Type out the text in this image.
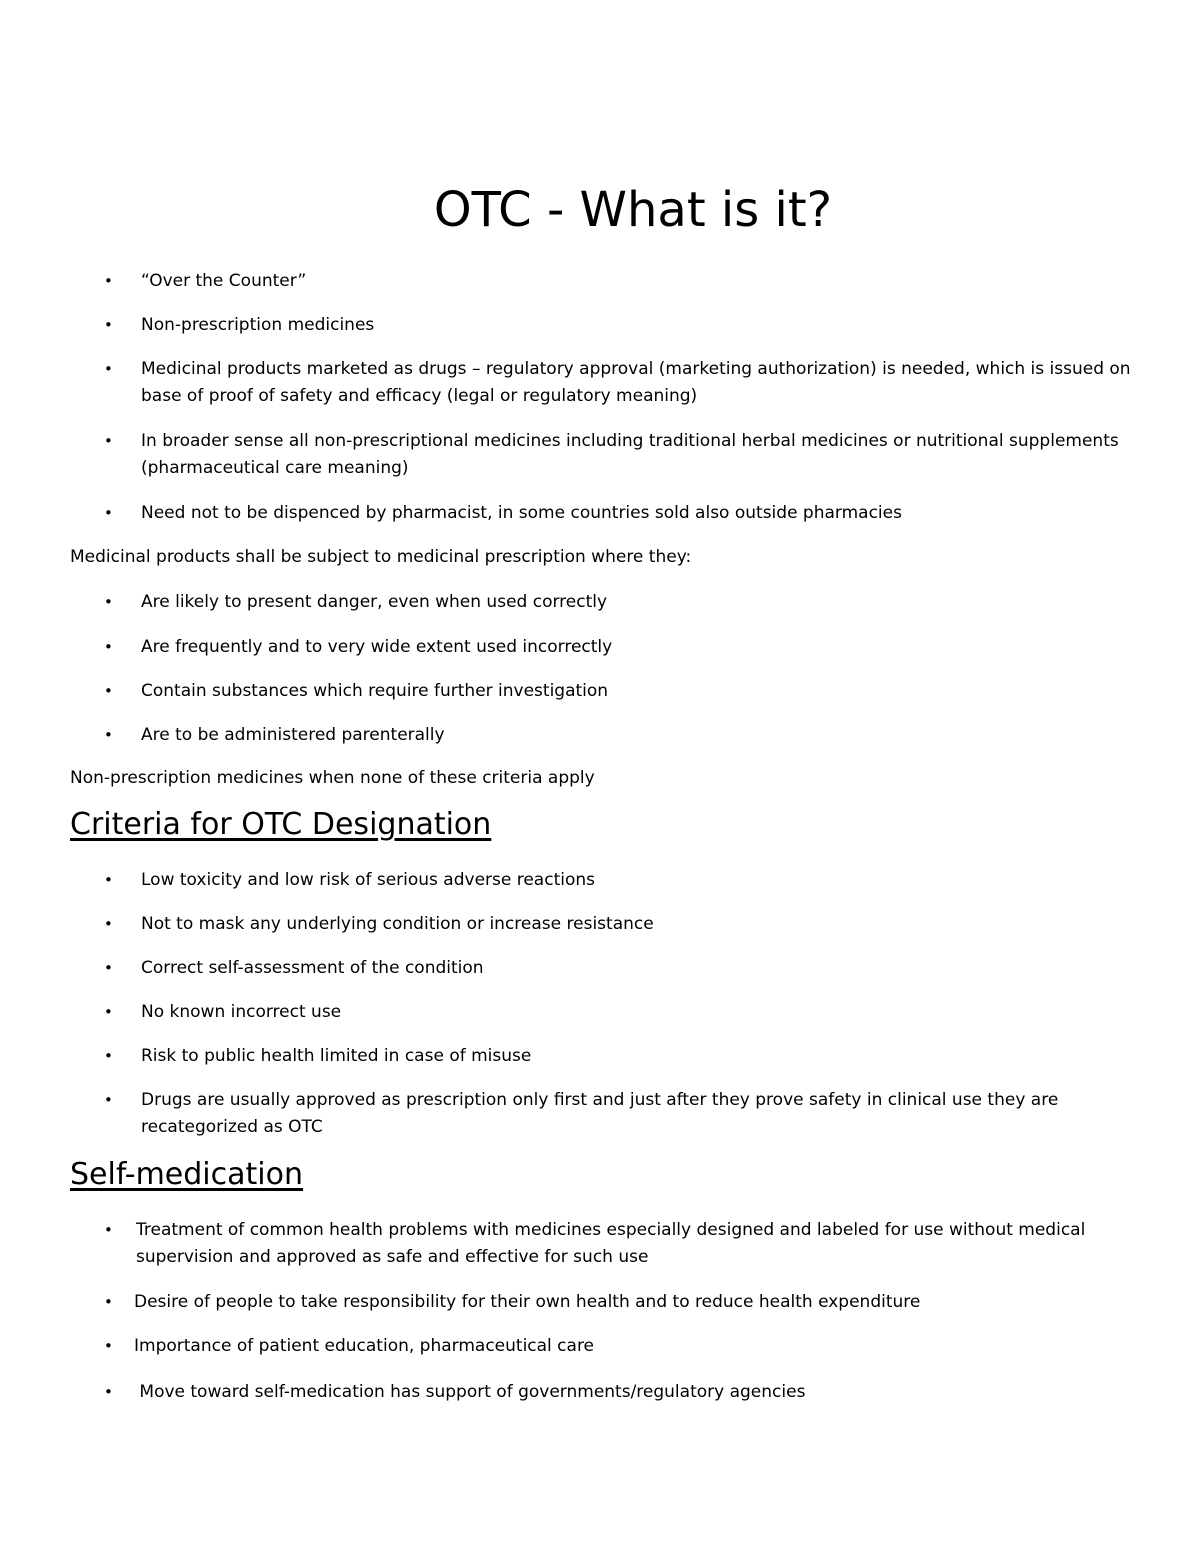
OTC - What is it?
• “Over the Counter”

• Non-prescription medicines

• Medicinal products marketed as drugs – regulatory approval (marketing authorization) is needed, which is issued on base of proof of safety and efficacy (legal or regulatory meaning)

• In broader sense all non-prescriptional medicines including traditional herbal medicines or nutritional supplements (pharmaceutical care meaning)

• Need not to be dispenced by pharmacist, in some countries sold also outside pharmacies

Medicinal products shall be subject to medicinal prescription where they:

• Are likely to present danger, even when used correctly

• Are frequently and to very wide extent used incorrectly

• Contain substances which require further investigation

• Are to be administered parenterally

Non-prescription medicines when none of these criteria apply

Criteria for OTC Designation
• Low toxicity and low risk of serious adverse reactions

• Not to mask any underlying condition or increase resistance

• Correct self-assessment of the condition

• No known incorrect use

• Risk to public health limited in case of misuse

• Drugs are usually approved as prescription only first and just after they prove safety in clinical use they are recategorized as OTC

Self-medication
• Treatment of common health problems with medicines especially designed and labeled for use without medical supervision and approved as safe and effective for such use

• Desire of people to take responsibility for their own health and to reduce health expenditure

• Importance of patient education, pharmaceutical care

• Move toward self-medication has support of governments/regulatory agencies
